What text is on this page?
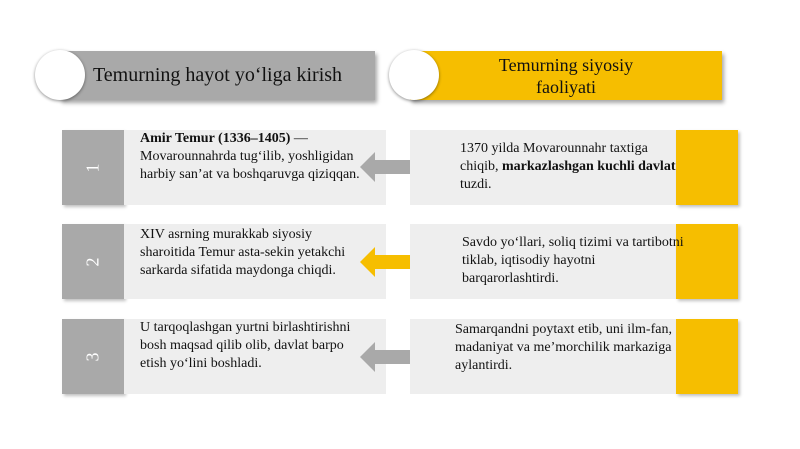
Temurning hayot yo‘liga kirish	Temurning siyosiy faoliyati
1
Amir Temur (1336–1405) — Movarounnahrda tug‘ilib, yoshligidan harbiy san’at va boshqaruvga qiziqqan.
1370 yilda Movarounnahr taxtiga chiqib, markazlashgan kuchli davlat tuzdi.
2
XIV asrning murakkab siyosiy sharoitida Temur asta-sekin yetakchi sarkarda sifatida maydonga chiqdi.
Savdo yo‘llari, soliq tizimi va tartibotni tiklab, iqtisodiy hayotni barqarorlashtirdi.
3
U tarqoqlashgan yurtni birlashtirishni bosh maqsad qilib olib, davlat barpo etish yo‘lini boshladi.
Samarqandni poytaxt etib, uni ilm-fan, madaniyat va me’morchilik markaziga aylantirdi.
